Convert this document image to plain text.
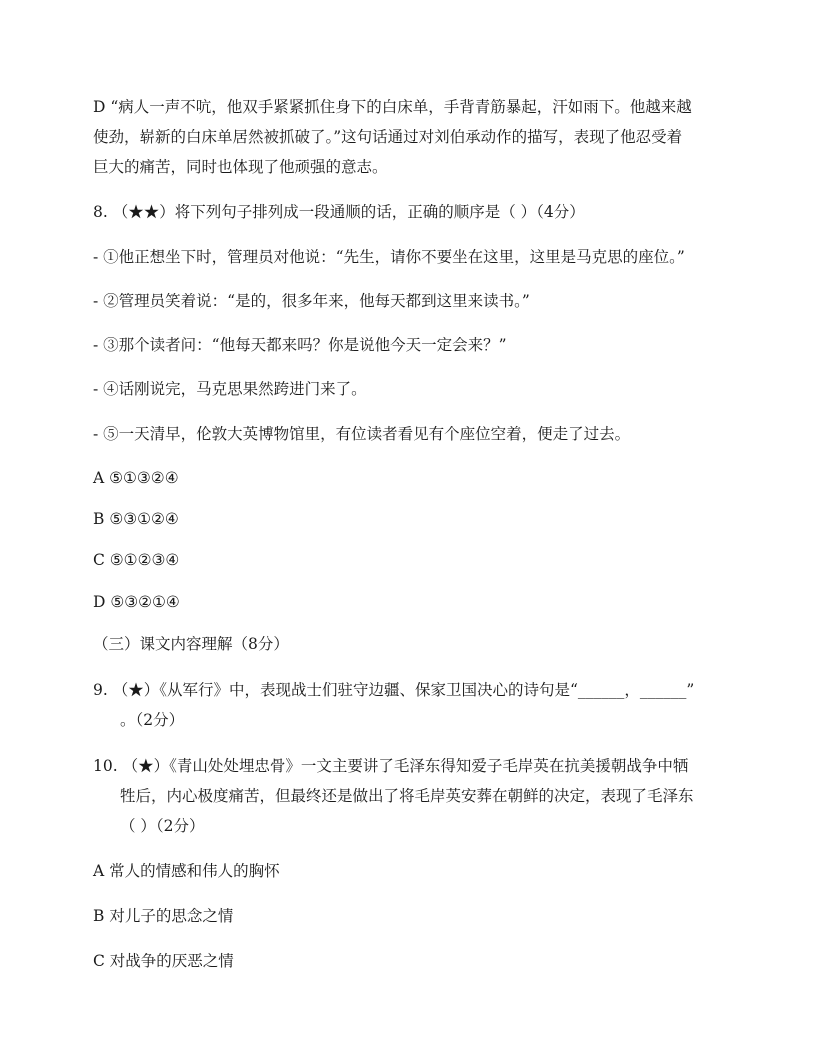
D “病人一声不吭，他双手紧紧抓住身下的白床单，手背青筋暴起，汗如雨下。他越来越
使劲，崭新的白床单居然被抓破了。”这句话通过对刘伯承动作的描写，表现了他忍受着
巨大的痛苦，同时也体现了他顽强的意志。
8. （★★）将下列句子排列成一段通顺的话，正确的顺序是（ ）（4分）
- ①他正想坐下时，管理员对他说：“先生，请你不要坐在这里，这里是马克思的座位。”
- ②管理员笑着说：“是的，很多年来，他每天都到这里来读书。”
- ③那个读者问：“他每天都来吗？你是说他今天一定会来？”
- ④话刚说完，马克思果然跨进门来了。
- ⑤一天清早，伦敦大英博物馆里，有位读者看见有个座位空着，便走了过去。
A ⑤①③②④
B ⑤③①②④
C ⑤①②③④
D ⑤③②①④
（三）课文内容理解（8分）
9. （★）《从军行》中，表现战士们驻守边疆、保家卫国决心的诗句是“______，______”
。（2分）
10. （★）《青山处处埋忠骨》一文主要讲了毛泽东得知爱子毛岸英在抗美援朝战争中牺
牲后，内心极度痛苦，但最终还是做出了将毛岸英安葬在朝鲜的决定，表现了毛泽东
（ ）（2分）
A 常人的情感和伟人的胸怀
B 对儿子的思念之情
C 对战争的厌恶之情
